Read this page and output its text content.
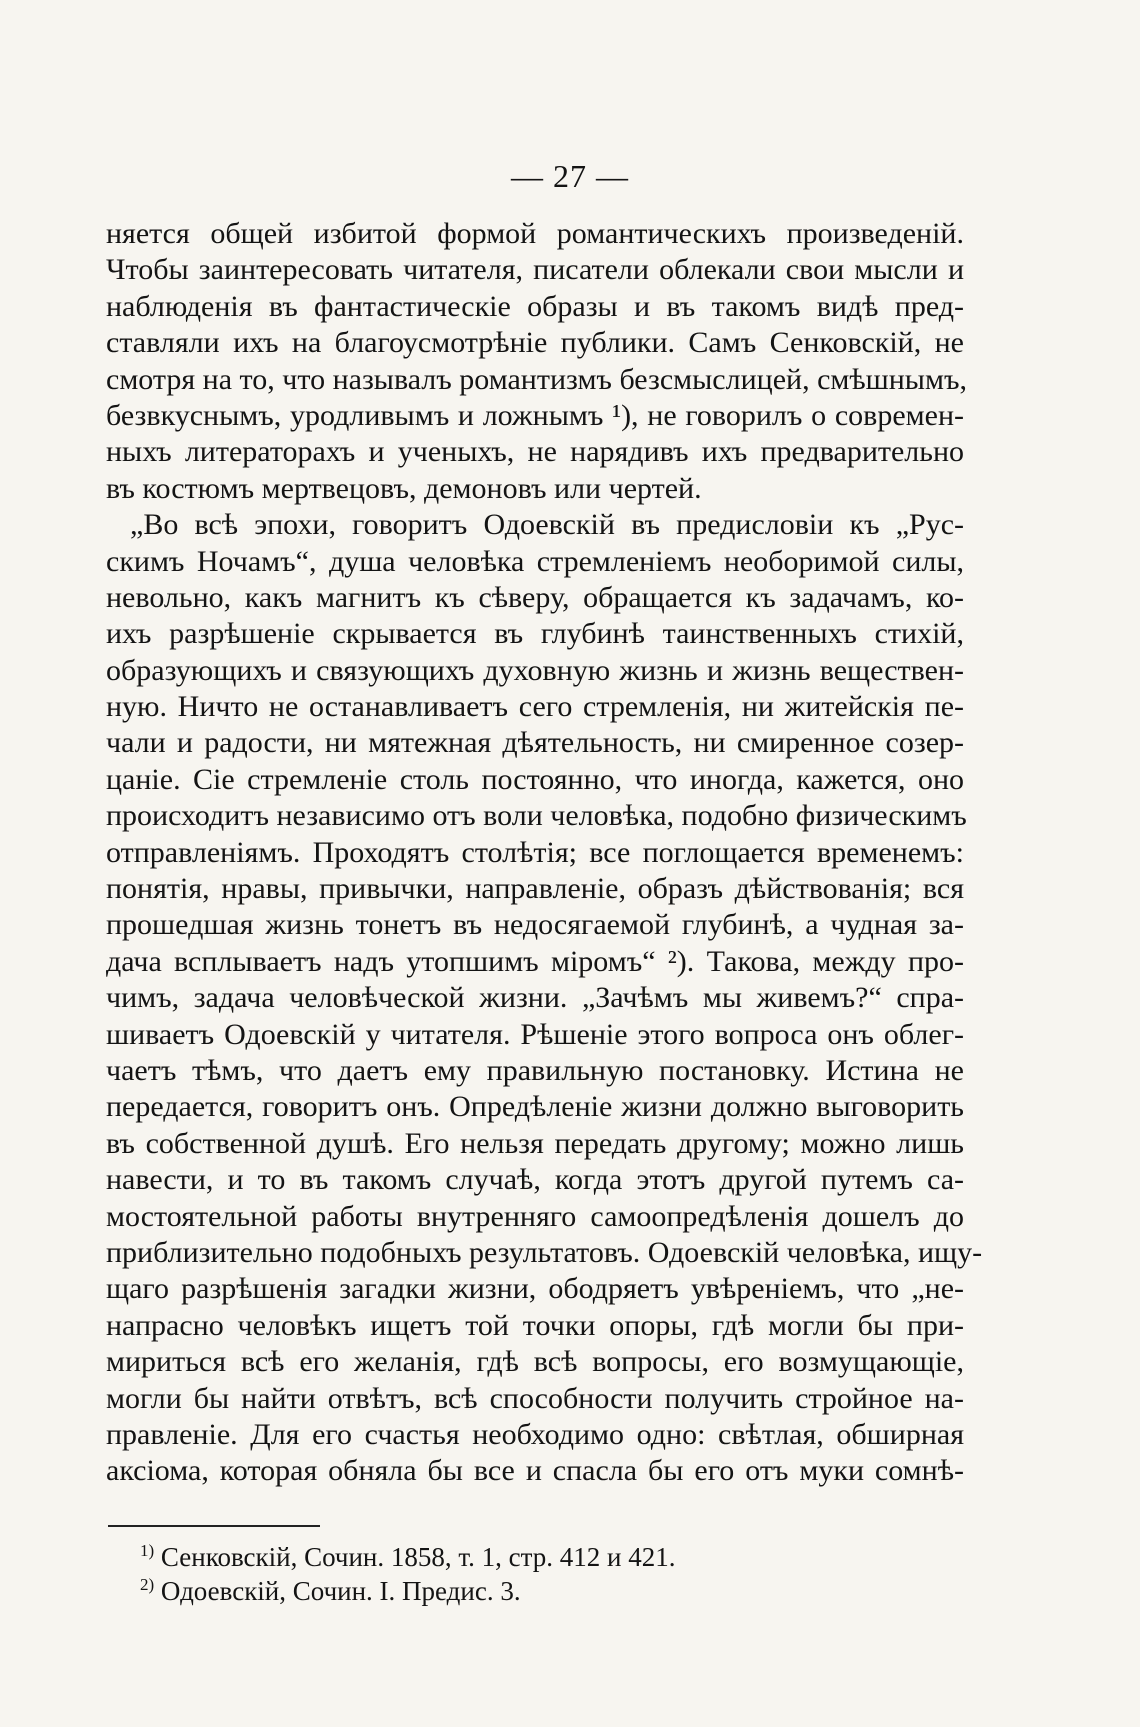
— 27 —
няется общей избитой формой романтическихъ произведенiй.
Чтобы заинтересовать читателя, писатели облекали свои мысли и
наблюденiя въ фантастическiе образы и въ такомъ видѣ пред-
ставляли ихъ на благоусмотрѣнiе публики. Самъ Сенковскiй, не
смотря на то, что называлъ романтизмъ безсмыслицей, смѣшнымъ,
безвкуснымъ, уродливымъ и ложнымъ ¹), не говорилъ о современ-
ныхъ литераторахъ и ученыхъ, не нарядивъ ихъ предварительно
въ костюмъ мертвецовъ, демоновъ или чертей.
„Во всѣ эпохи, говоритъ Одоевскiй въ предисловiи къ „Рус-
скимъ Ночамъ“, душа человѣка стремленiемъ необоримой силы,
невольно, какъ магнитъ къ сѣверу, обращается къ задачамъ, ко-
ихъ разрѣшенiе скрывается въ глубинѣ таинственныхъ стихiй,
образующихъ и связующихъ духовную жизнь и жизнь веществен-
ную. Ничто не останавливаетъ сего стремленiя, ни житейскiя пе-
чали и радости, ни мятежная дѣятельность, ни смиренное созер-
цанiе. Сiе стремленiе столь постоянно, что иногда, кажется, оно
происходитъ независимо отъ воли человѣка, подобно физическимъ
отправленiямъ. Проходятъ столѣтiя; все поглощается временемъ:
понятiя, нравы, привычки, направленiе, образъ дѣйствованiя; вся
прошедшая жизнь тонетъ въ недосягаемой глубинѣ, а чудная за-
дача всплываетъ надъ утопшимъ мiромъ“ ²). Такова, между про-
чимъ, задача человѣческой жизни. „Зачѣмъ мы живемъ?“ спра-
шиваетъ Одоевскiй у читателя. Рѣшенiе этого вопроса онъ облег-
чаетъ тѣмъ, что даетъ ему правильную постановку. Истина не
передается, говоритъ онъ. Опредѣленiе жизни должно выговорить
въ собственной душѣ. Его нельзя передать другому; можно лишь
навести, и то въ такомъ случаѣ, когда этотъ другой путемъ са-
мостоятельной работы внутренняго самоопредѣленiя дошелъ до
приблизительно подобныхъ результатовъ. Одоевскiй человѣка, ищу-
щаго разрѣшенiя загадки жизни, ободряетъ увѣренiемъ, что „не-
напрасно человѣкъ ищетъ той точки опоры, гдѣ могли бы при-
мириться всѣ его желанiя, гдѣ всѣ вопросы, его возмущающiе,
могли бы найти отвѣтъ, всѣ способности получить стройное на-
правленiе. Для его счастья необходимо одно: свѣтлая, обширная
аксiома, которая обняла бы все и спасла бы его отъ муки сомнѣ-
$^{1)}$ Сенковскiй, Сочин. 1858, т. 1, стр. 412 и 421.
$^{2)}$ Одоевскiй, Сочин. I. Предис. 3.
